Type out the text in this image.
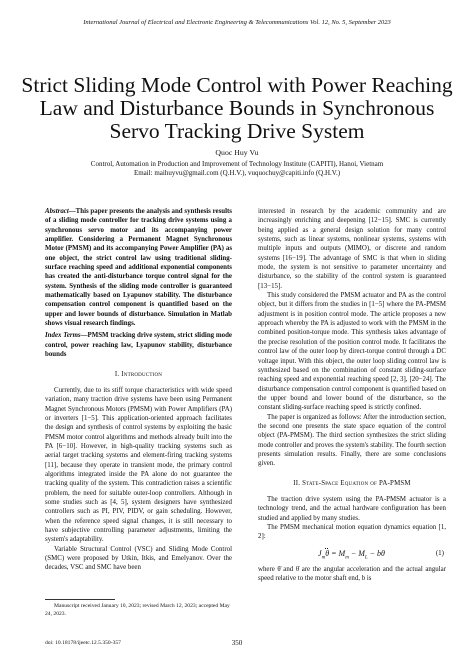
International Journal of Electrical and Electronic Engineering & Telecommunications Vol. 12, No. 5, September 2023
Strict Sliding Mode Control with Power Reaching
Law and Disturbance Bounds in Synchronous
Servo Tracking Drive System
Quoc Huy Vu
Control, Automation in Production and Improvement of Technology Institute (CAPITI), Hanoi, Vietnam
Email: maihuyvu@gmail.com (Q.H.V.), vuquochuy@capiti.info (Q.H.V.)

Abstract—This paper presents the analysis and synthesis results of a sliding mode controller for tracking drive systems using a synchronous servo motor and its accompanying power amplifier. Considering a Permanent Magnet Synchronous Motor (PMSM) and its accompanying Power Amplifier (PA) as one object, the strict control law using traditional sliding-surface reaching speed and additional exponential components has created the anti-disturbance torque control signal for the system. Synthesis of the sliding mode controller is guaranteed mathematically based on Lyapunov stability. The disturbance compensation control component is quantified based on the upper and lower bounds of disturbance. Simulation in Matlab shows visual research findings.

Index Terms—PMSM tracking drive system, strict sliding mode control, power reaching law, Lyapunov stability, disturbance bounds

I. Introduction

Currently, due to its stiff torque characteristics with wide speed variation, many traction drive systems have been using Permanent Magnet Synchronous Motors (PMSM) with Power Amplifiers (PA) or inverters [1−5]. This application-oriented approach facilitates the design and synthesis of control systems by exploiting the basic PMSM motor control algorithms and methods already built into the PA [6−10]. However, in high-quality tracking systems such as aerial target tracking systems and element-firing tracking systems [11], because they operate in transient mode, the primary control algorithms integrated inside the PA alone do not guarantee the tracking quality of the system. This contradiction raises a scientific problem, the need for suitable outer-loop controllers. Although in some studies such as [4, 5], system designers have synthesized controllers such as PI, PIV, PIDV, or gain scheduling. However, when the reference speed signal changes, it is still necessary to have subjective controlling parameter adjustments, limiting the system's adaptability.

Variable Structural Control (VSC) and Sliding Mode Control (SMC) were proposed by Utkin, Itkis, and Emelyanov. Over the decades, VSC and SMC have been

Manuscript received January 10, 2023; revised March 12, 2023; accepted May 24, 2023.
doi: 10.18178/ijeetc.12.5.350-357	350

interested in research by the academic community and are increasingly enriching and deepening [12−15]. SMC is currently being applied as a general design solution for many control systems, such as linear systems, nonlinear systems, systems with multiple inputs and outputs (MIMO), or discrete and random systems [16−19]. The advantage of SMC is that when in sliding mode, the system is not sensitive to parameter uncertainty and disturbance, so the stability of the control system is guaranteed [13−15].

This study considered the PMSM actuator and PA as the control object, but it differs from the studies in [1−5] where the PA-PMSM adjustment is in position control mode. The article proposes a new approach whereby the PA is adjusted to work with the PMSM in the combined position-torque mode. This synthesis takes advantage of the precise resolution of the position control mode. It facilitates the control law of the outer loop by direct-torque control through a DC voltage input. With this object, the outer loop sliding control law is synthesized based on the combination of constant sliding-surface reaching speed and exponential reaching speed [2, 3], [20−24]. The disturbance compensation control component is quantified based on the upper bound and lower bound of the disturbance, so the constant sliding-surface reaching speed is strictly confined.

The paper is organized as follows: After the introduction section, the second one presents the state space equation of the control object (PA-PMSM). The third section synthesizes the strict sliding mode controller and proves the system's stability. The fourth section presents simulation results. Finally, there are some conclusions given.

II. State-Space Equation of PA-PMSM

The traction drive system using the PA-PMSM actuator is a technology trend, and the actual hardware configuration has been studied and applied by many studies.

The PMSM mechanical motion equation dynamics equation [1, 2]:

$J_m\theta = M_m - M_L - b\theta$	(1)

where θ̈ and θ̇ are the angular acceleration and the actual angular speed relative to the motor shaft end, b is
